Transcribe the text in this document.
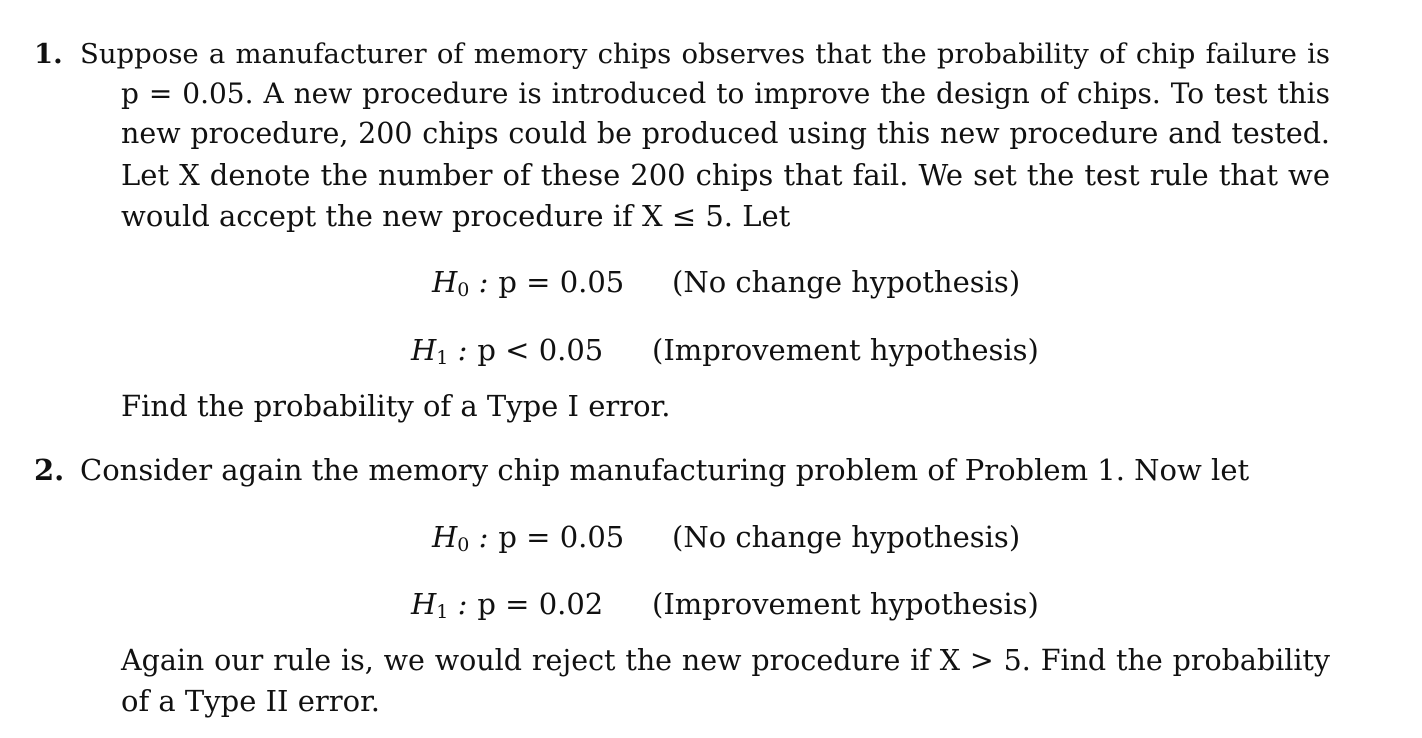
1. Suppose a manufacturer of memory chips observes that the probability of chip failure is
p = 0.05. A new procedure is introduced to improve the design of chips. To test this
new procedure, 200 chips could be produced using this new procedure and tested.
Let X denote the number of these 200 chips that fail. We set the test rule that we
would accept the new procedure if X ≤ 5. Let
$H_0$ : p = 0.05 (No change hypothesis)
$H_1$ : p < 0.05 (Improvement hypothesis)
Find the probability of a Type I error.
2. Consider again the memory chip manufacturing problem of Problem 1. Now let
$H_0$ : p = 0.05 (No change hypothesis)
$H_1$ : p = 0.02 (Improvement hypothesis)
Again our rule is, we would reject the new procedure if X > 5. Find the probability
of a Type II error.
